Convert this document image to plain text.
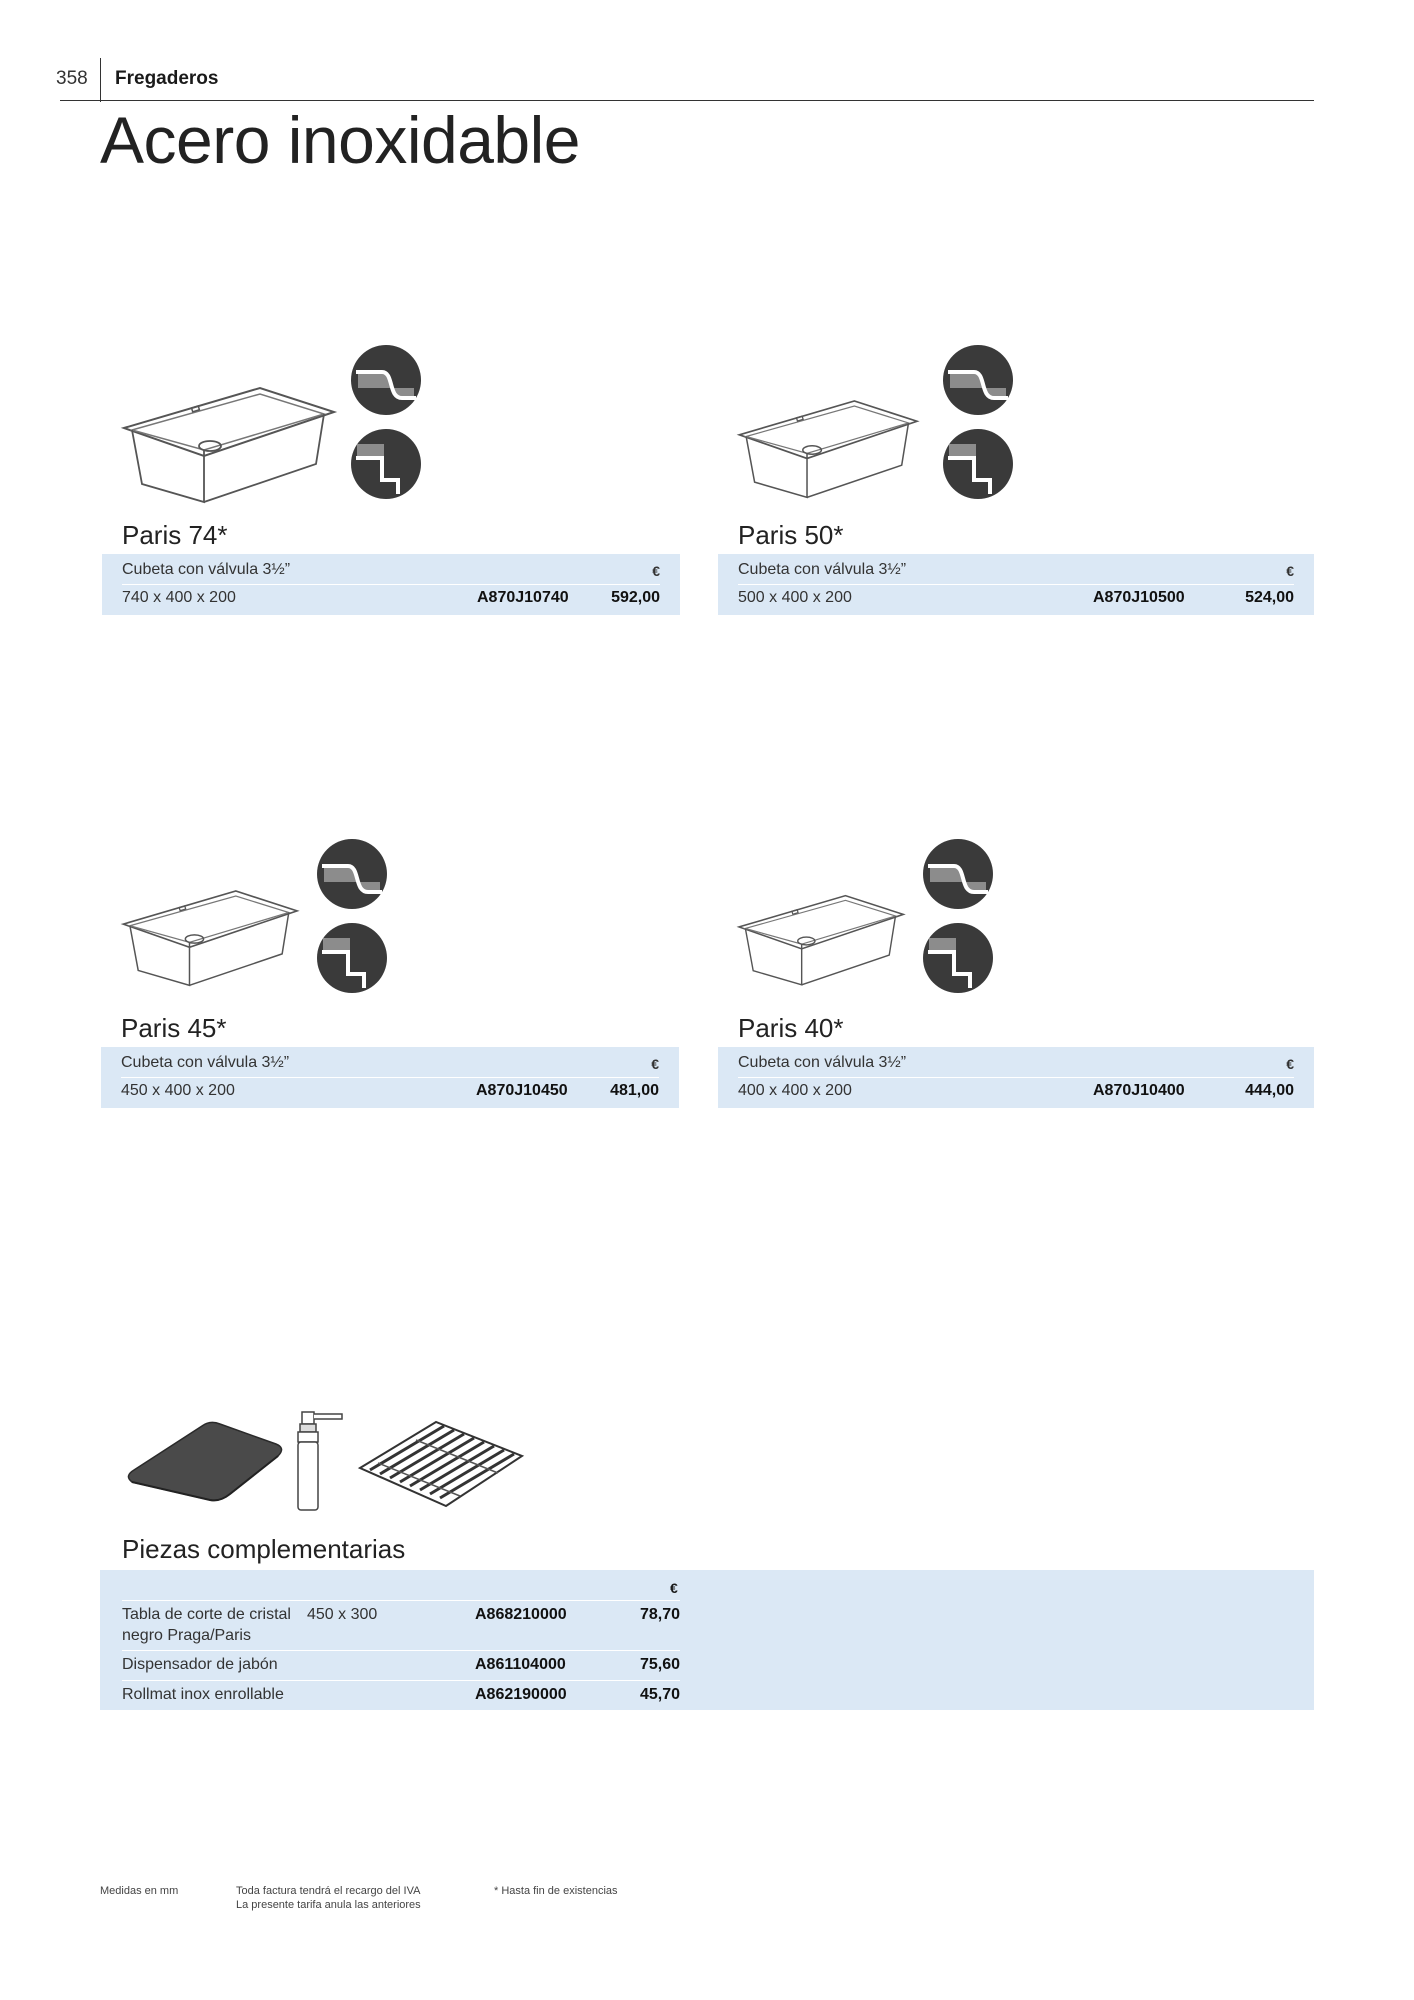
358 Fregaderos
Acero inoxidable
Paris 74*
Cubeta con válvula 3½”	€
740 x 400 x 200	A870J10740	592,00
Paris 50*
Cubeta con válvula 3½”	€
500 x 400 x 200	A870J10500	524,00
Paris 45*
Cubeta con válvula 3½”	€
450 x 400 x 200	A870J10450	481,00
Paris 40*
Cubeta con válvula 3½”	€
400 x 400 x 200	A870J10400	444,00
Piezas complementarias
€
Tabla de corte de cristal
negro Praga/Paris
450 x 300	A868210000	78,70
Dispensador de jabón	A861104000	75,60
Rollmat inox enrollable	A862190000	45,70
Medidas en mm	Toda factura tendrá el recargo del IVA
La presente tarifa anula las anteriores
* Hasta fin de existencias
